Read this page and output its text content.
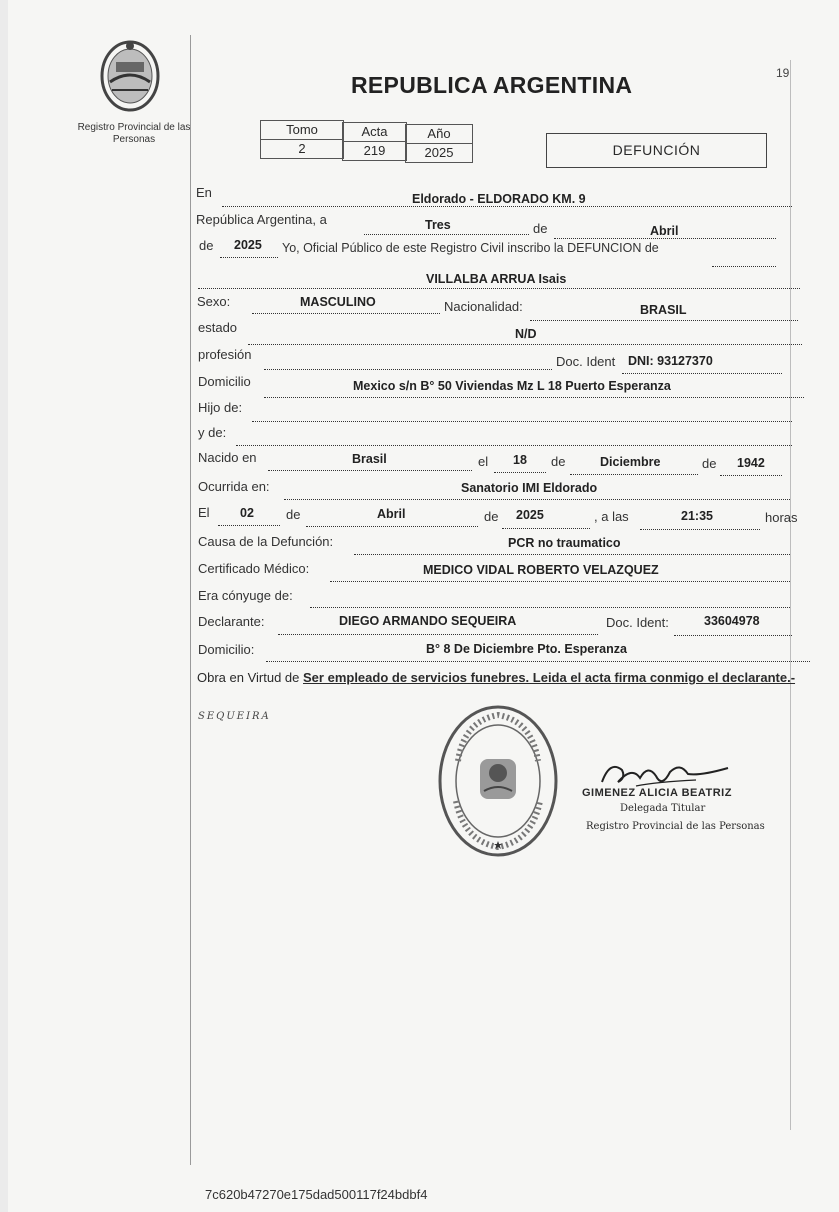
Registro Provincial de las Personas
REPUBLICA ARGENTINA	19
Tomo	Acta	Año
2	219	2025	DEFUNCIÓN
En	Eldorado - ELDORADO KM. 9
República Argentina, a	Tres	de	Abril
de 2025 Yo, Oficial Público de este Registro Civil inscribo la DEFUNCION de
VILLALBA ARRUA Isais
Sexo:	MASCULINO	Nacionalidad:	BRASIL
estado	N/D
profesión	Doc. Ident DNI: 93127370
Domicilio	Mexico s/n B° 50 Viviendas Mz L 18 Puerto Esperanza
Hijo de:
y de:
Nacido en	Brasil	el 18 de	Diciembre	de 1942
Ocurrida en:	Sanatorio IMI Eldorado
El 02 de	Abril	de 2025	, a las	21:35	horas
Causa de la Defunción:	PCR no traumatico
Certificado Médico:	MEDICO VIDAL ROBERTO VELAZQUEZ
Era cónyuge de:
Declarante:	DIEGO ARMANDO SEQUEIRA	Doc. Ident:	33604978
Domicilio:	B° 8 De Diciembre Pto. Esperanza
Obra en Virtud de Ser empleado de servicios funebres. Leida el acta firma conmigo el declarante.-
SEQUEIRA
GIMENEZ ALICIA BEATRIZ
Delegada Titular
Registro Provincial de las Personas
7c620b47270e175dad500117f24bdbf4
